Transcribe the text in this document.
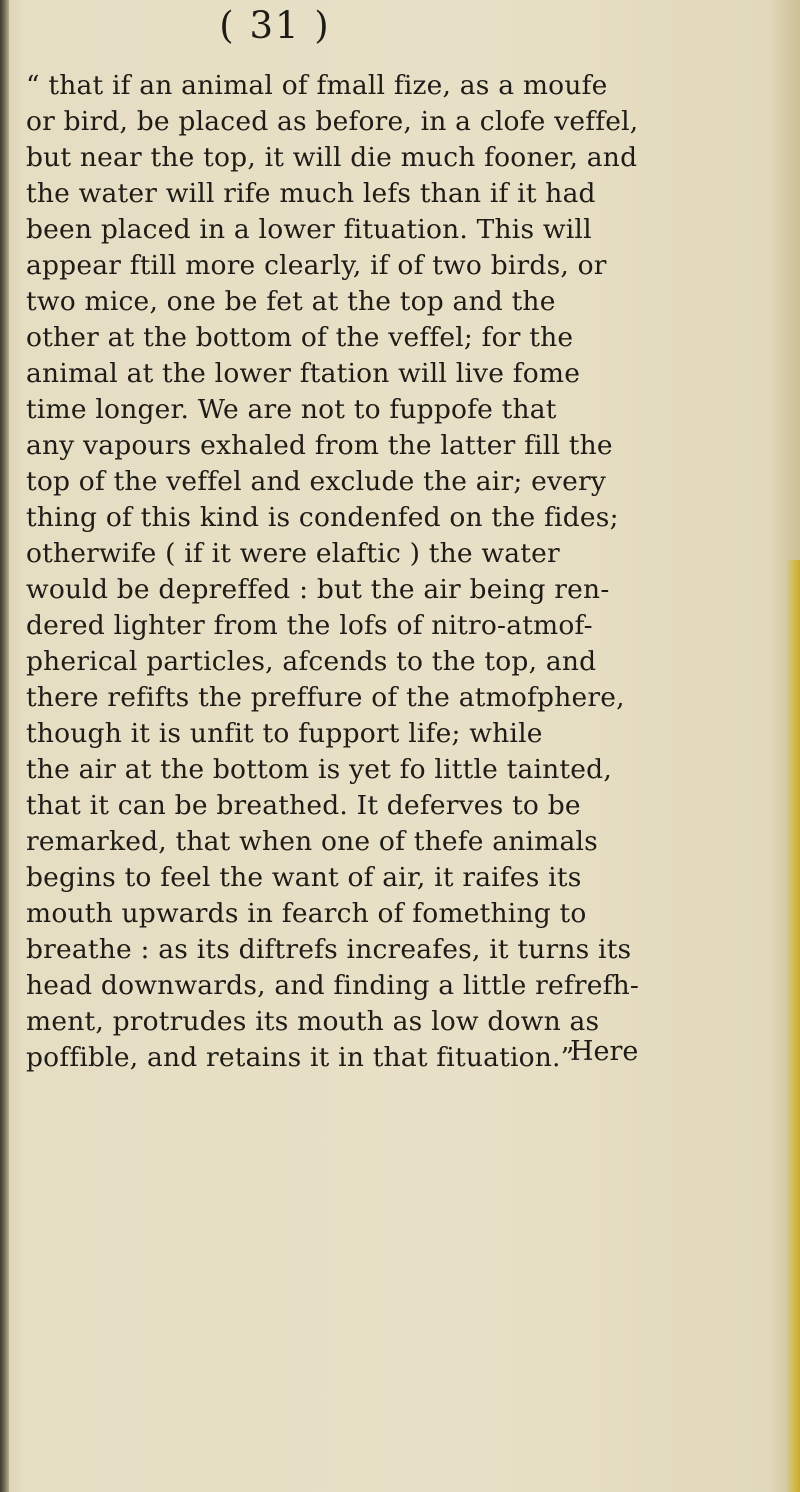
( 31 )
“ that if an animal of fmall fize, as a moufe
or bird, be placed as before, in a clofe veffel,
but near the top, it will die much fooner, and
the water will rife much lefs than if it had
been placed in a lower fituation. This will
appear ftill more clearly, if of two birds, or
two mice, one be fet at the top and the
other at the bottom of the veffel; for the
animal at the lower ftation will live fome
time longer. We are not to fuppofe that
any vapours exhaled from the latter fill the
top of the veffel and exclude the air; every
thing of this kind is condenfed on the fides;
otherwife ( if it were elaftic ) the water
would be depreffed : but the air being ren-
dered lighter from the lofs of nitro-atmof-
pherical particles, afcends to the top, and
there refifts the preffure of the atmofphere,
though it is unfit to fupport life; while
the air at the bottom is yet fo little tainted,
that it can be breathed. It deferves to be
remarked, that when one of thefe animals
begins to feel the want of air, it raifes its
mouth upwards in fearch of fomething to
breathe : as its diftrefs increafes, it turns its
head downwards, and finding a little refrefh-
ment, protrudes its mouth as low down as
poffible, and retains it in that fituation.”
Here
